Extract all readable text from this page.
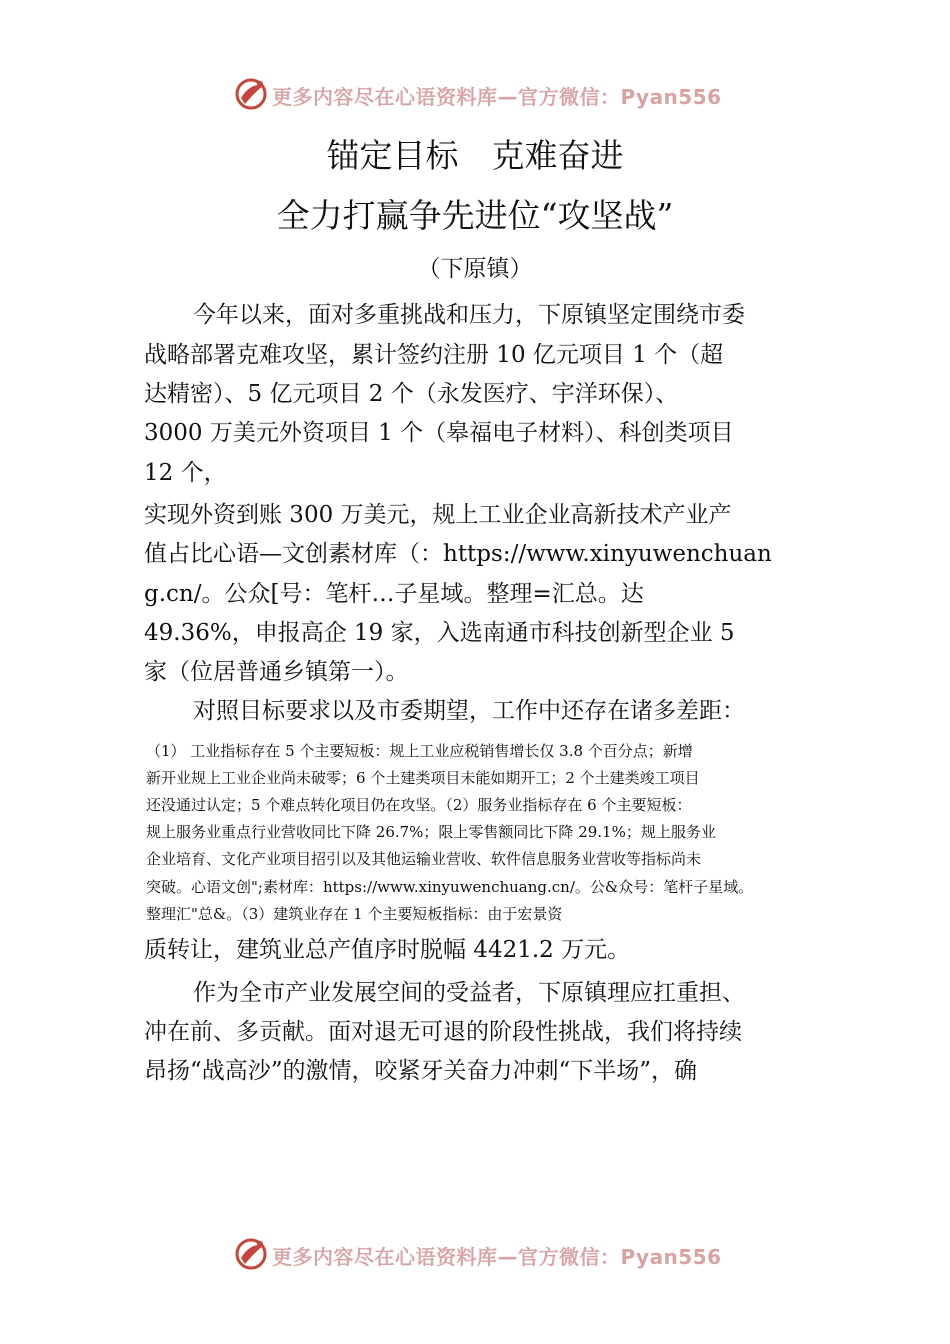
更多内容尽在心语资料库—官方微信：Pyan556
锚定目标　克难奋进
全力打赢争先进位“攻坚战”
（下原镇）
今年以来，面对多重挑战和压力，下原镇坚定围绕市委
战略部署克难攻坚，累计签约注册 10 亿元项目 1 个（超
达精密）、5 亿元项目 2 个（永发医疗、宇洋环保）、
3000 万美元外资项目 1 个（皋福电子材料）、科创类项目
12 个，
实现外资到账 300 万美元，规上工业企业高新技术产业产
值占比心语—文创素材库（：https://www.xinyuwenchuan
g.cn/。公众[号：笔杆…子星域。整理=汇总。达
49.36%，申报高企 19 家，入选南通市科技创新型企业 5
家（位居普通乡镇第一）。
对照目标要求以及市委期望，工作中还存在诸多差距：
（1） 工业指标存在 5 个主要短板：规上工业应税销售增长仅 3.8 个百分点；新增
新开业规上工业企业尚未破零；6 个土建类项目未能如期开工；2 个土建类竣工项目
还没通过认定；5 个难点转化项目仍在攻坚。（2）服务业指标存在 6 个主要短板：
规上服务业重点行业营收同比下降 26.7%；限上零售额同比下降 29.1%；规上服务业
企业培育、文化产业项目招引以及其他运输业营收、软件信息服务业营收等指标尚未
突破。心语文创";素材库：https://www.xinyuwenchuang.cn/。公&众号：笔杆子星域。
整理汇"总&。（3）建筑业存在 1 个主要短板指标：由于宏景资
质转让，建筑业总产值序时脱幅 4421.2 万元。
作为全市产业发展空间的受益者，下原镇理应扛重担、
冲在前、多贡献。面对退无可退的阶段性挑战，我们将持续
昂扬“战高沙”的激情，咬紧牙关奋力冲刺“下半场”，确
更多内容尽在心语资料库—官方微信：Pyan556
